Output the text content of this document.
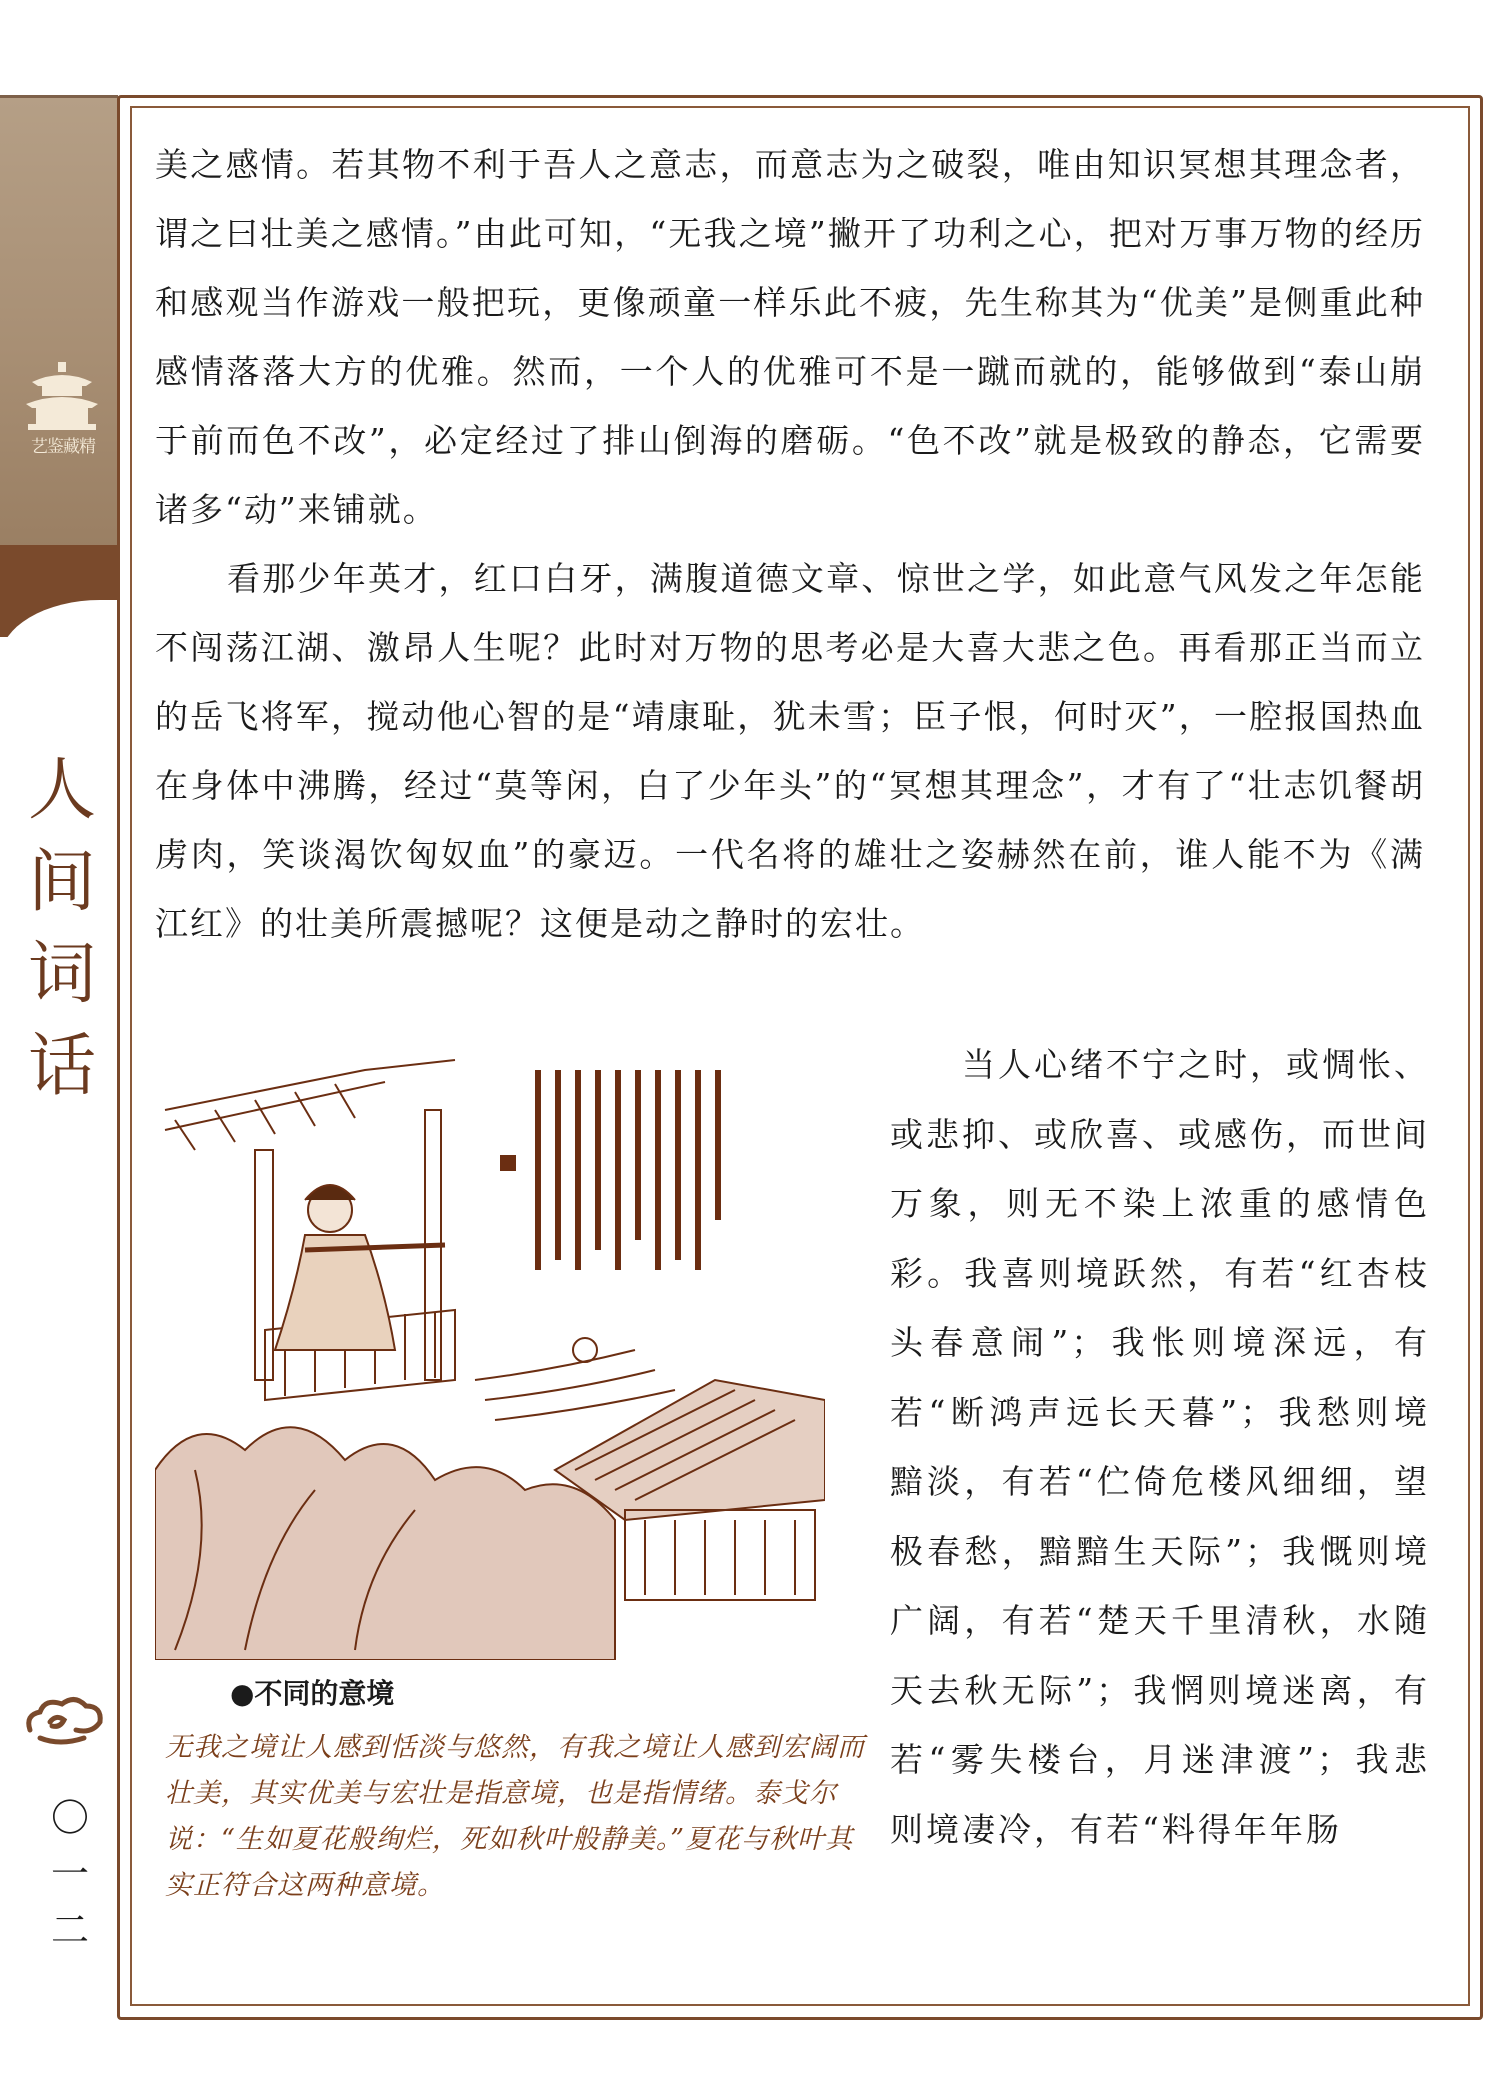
艺鉴藏精
人
间
词
话
〇
一
二

美之感情。若其物不利于吾人之意志，而意志为之破裂，唯由知识冥想其理念者，谓之曰壮美之感情。”由此可知，“无我之境”撇开了功利之心，把对万事万物的经历和感观当作游戏一般把玩，更像顽童一样乐此不疲，先生称其为“优美”是侧重此种感情落落大方的优雅。然而，一个人的优雅可不是一蹴而就的，能够做到“泰山崩于前而色不改”，必定经过了排山倒海的磨砺。“色不改”就是极致的静态，它需要诸多“动”来铺就。

看那少年英才，红口白牙，满腹道德文章、惊世之学，如此意气风发之年怎能不闯荡江湖、激昂人生呢？此时对万物的思考必是大喜大悲之色。再看那正当而立的岳飞将军，搅动他心智的是“靖康耻，犹未雪；臣子恨，何时灭”，一腔报国热血在身体中沸腾，经过“莫等闲，白了少年头”的“冥想其理念”，才有了“壮志饥餐胡虏肉，笑谈渴饮匈奴血”的豪迈。一代名将的雄壮之姿赫然在前，谁人能不为《满江红》的壮美所震撼呢？这便是动之静时的宏壮。

●不同的意境
无我之境让人感到恬淡与悠然，有我之境让人感到宏阔而壮美，其实优美与宏壮是指意境，也是指情绪。泰戈尔说：“生如夏花般绚烂，死如秋叶般静美。”夏花与秋叶其实正符合这两种意境。
当人心绪不宁之时，或惆怅、或悲抑、或欣喜、或感伤，而世间万象，则无不染上浓重的感情色彩。我喜则境跃然，有若“红杏枝头春意闹”；我怅则境深远，有若“断鸿声远长天暮”；我愁则境黯淡，有若“伫倚危楼风细细，望极春愁，黯黯生天际”；我慨则境广阔，有若“楚天千里清秋，水随天去秋无际”；我惘则境迷离，有若“雾失楼台，月迷津渡”；我悲则境凄冷，有若“料得年年肠
